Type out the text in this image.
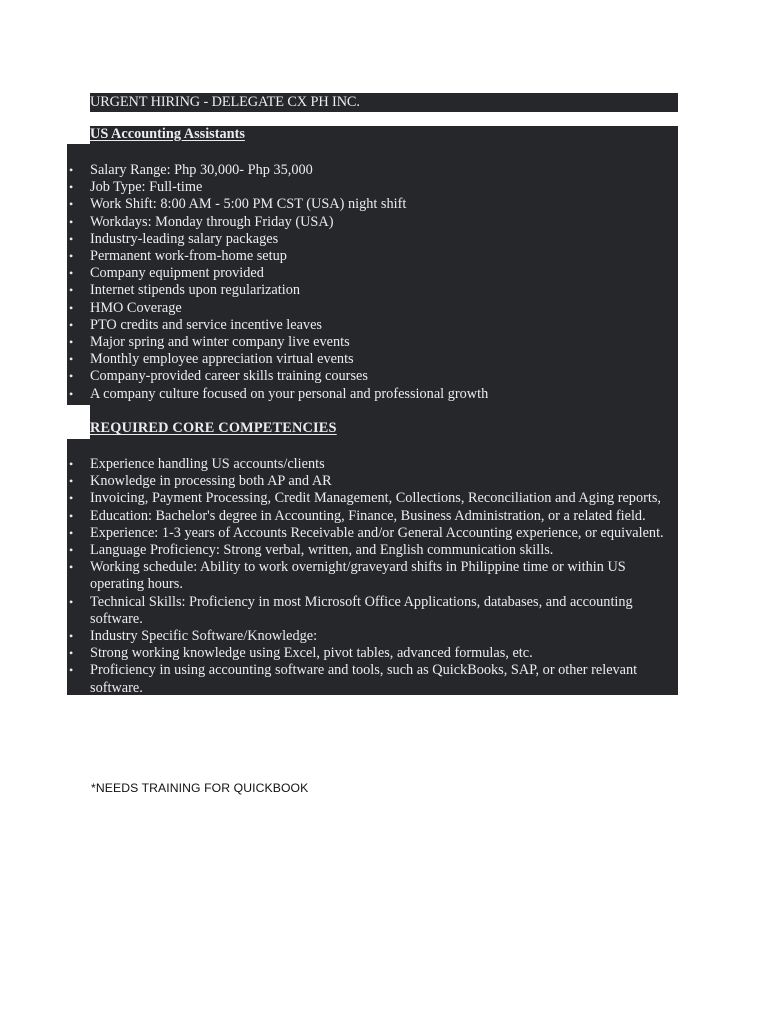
URGENT HIRING - DELEGATE CX PH INC.
US Accounting Assistants
• Salary Range: Php 30,000- Php 35,000
• Job Type: Full-time
• Work Shift: 8:00 AM - 5:00 PM CST (USA) night shift
• Workdays: Monday through Friday (USA)
• Industry-leading salary packages
• Permanent work-from-home setup
• Company equipment provided
• Internet stipends upon regularization
• HMO Coverage
• PTO credits and service incentive leaves
• Major spring and winter company live events
• Monthly employee appreciation virtual events
• Company-provided career skills training courses
• A company culture focused on your personal and professional growth
REQUIRED CORE COMPETENCIES
• Experience handling US accounts/clients
• Knowledge in processing both AP and AR
• Invoicing, Payment Processing, Credit Management, Collections, Reconciliation and Aging reports,
• Education: Bachelor's degree in Accounting, Finance, Business Administration, or a related field.
• Experience: 1-3 years of Accounts Receivable and/or General Accounting experience, or equivalent.
• Language Proficiency: Strong verbal, written, and English communication skills.
• Working schedule: Ability to work overnight/graveyard shifts in Philippine time or within US operating hours.
• Technical Skills: Proficiency in most Microsoft Office Applications, databases, and accounting software.
• Industry Specific Software/Knowledge:
• Strong working knowledge using Excel, pivot tables, advanced formulas, etc.
• Proficiency in using accounting software and tools, such as QuickBooks, SAP, or other relevant software.
*NEEDS TRAINING FOR QUICKBOOK
